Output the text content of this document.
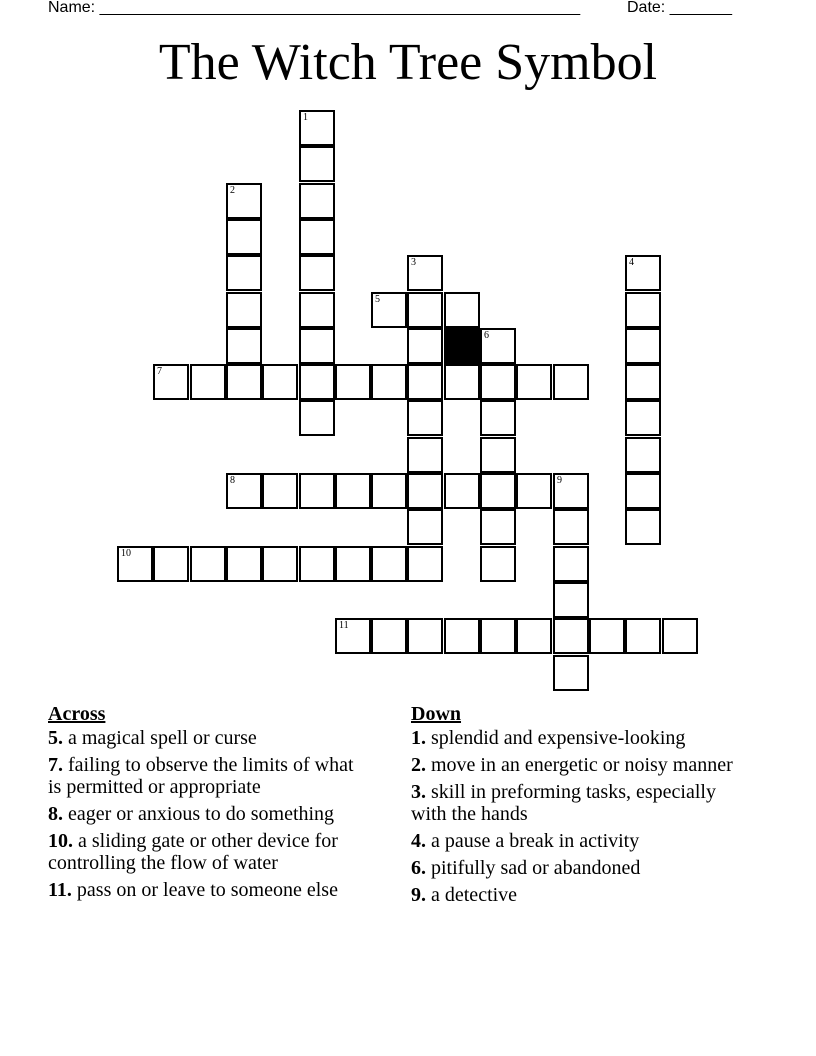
Name: ______________________________________________________	Date: _______
The Witch Tree Symbol
1
2
3	4
5
6
7
8	9
10
11
Across
5. a magical spell or curse
7. failing to observe the limits of what is permitted or appropriate
8. eager or anxious to do something
10. a sliding gate or other device for controlling the flow of water
11. pass on or leave to someone else
Down
1. splendid and expensive-looking
2. move in an energetic or noisy manner
3. skill in preforming tasks, especially with the hands
4. a pause a break in activity
6. pitifully sad or abandoned
9. a detective
